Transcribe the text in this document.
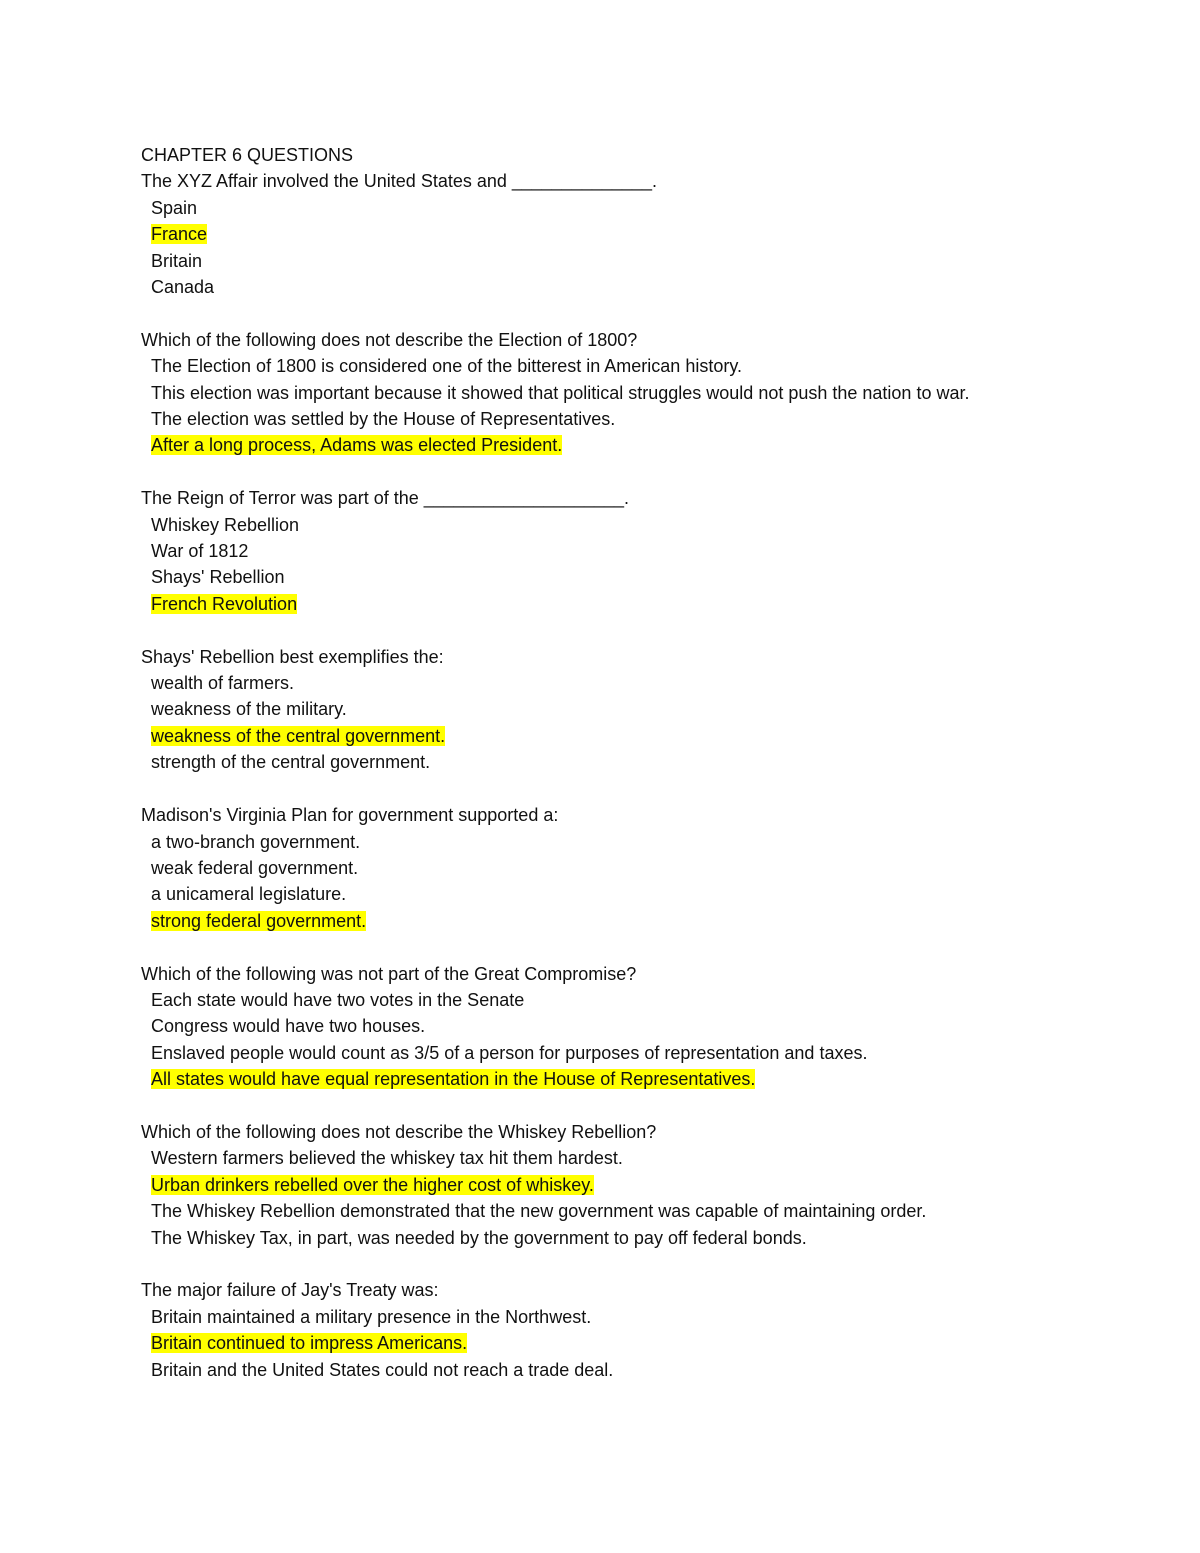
CHAPTER 6 QUESTIONS
The XYZ Affair involved the United States and ______________.
Spain
France
Britain
Canada
Which of the following does not describe the Election of 1800?
The Election of 1800 is considered one of the bitterest in American history.
This election was important because it showed that political struggles would not push the nation to war.
The election was settled by the House of Representatives.
After a long process, Adams was elected President.
The Reign of Terror was part of the ____________________.
Whiskey Rebellion
War of 1812
Shays' Rebellion
French Revolution
Shays' Rebellion best exemplifies the:
wealth of farmers.
weakness of the military.
weakness of the central government.
strength of the central government.
Madison's Virginia Plan for government supported a:
a two-branch government.
weak federal government.
a unicameral legislature.
strong federal government.
Which of the following was not part of the Great Compromise?
Each state would have two votes in the Senate
Congress would have two houses.
Enslaved people would count as 3/5 of a person for purposes of representation and taxes.
All states would have equal representation in the House of Representatives.
Which of the following does not describe the Whiskey Rebellion?
Western farmers believed the whiskey tax hit them hardest.
Urban drinkers rebelled over the higher cost of whiskey.
The Whiskey Rebellion demonstrated that the new government was capable of maintaining order.
The Whiskey Tax, in part, was needed by the government to pay off federal bonds.
The major failure of Jay's Treaty was:
Britain maintained a military presence in the Northwest.
Britain continued to impress Americans.
Britain and the United States could not reach a trade deal.
